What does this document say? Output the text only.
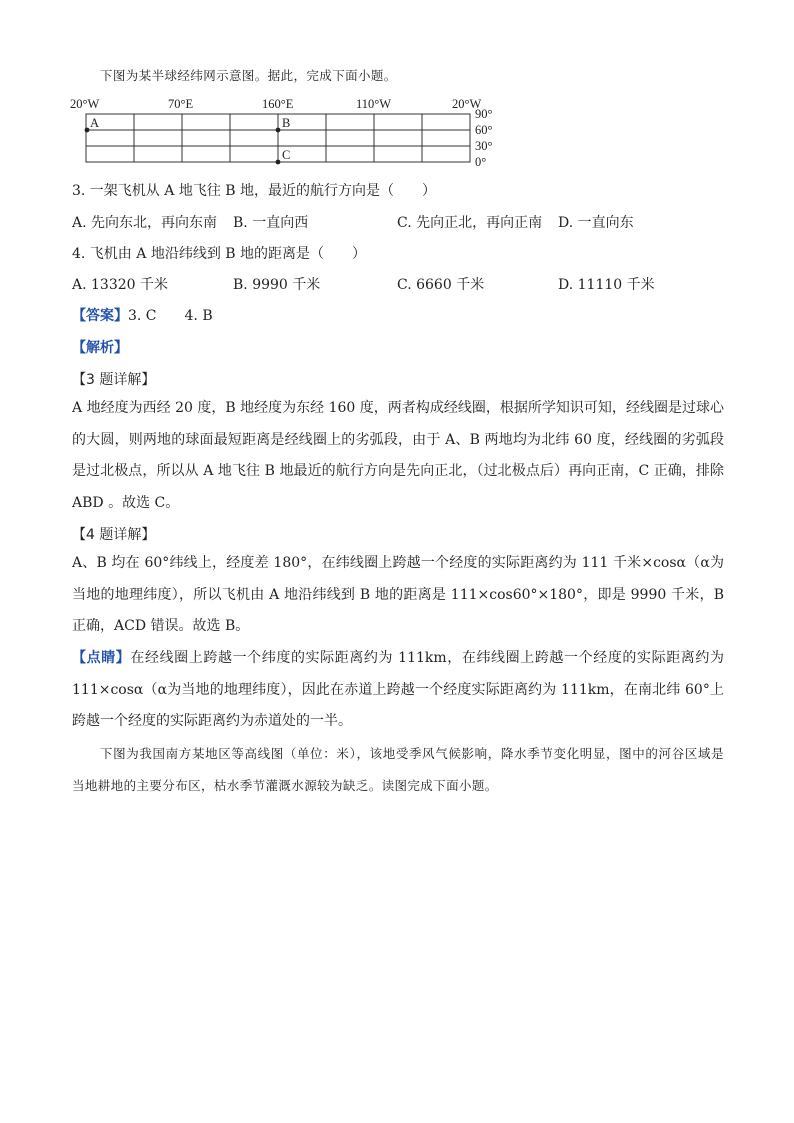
下图为某半球经纬网示意图。据此，完成下面小题。
20°W	70°E	160°E	110°W	20°W
90°
60°
30°
0°
A	B
C
3. 一架飞机从 A 地飞往 B 地，最近的航行方向是（　　）
A. 先向东北，再向东南 B. 一直向西	C. 先向正北，再向正南 D. 一直向东
4. 飞机由 A 地沿纬线到 B 地的距离是（　　）
A. 13320 千米	B. 9990 千米	C. 6660 千米	D. 11110 千米
【答案】3. C　　4. B
【解析】
【3 题详解】
A 地经度为西经 20 度，B 地经度为东经 160 度，两者构成经线圈，根据所学知识可知，经线圈是过球心的大圆，则两地的球面最短距离是经线圈上的劣弧段，由于 A、B 两地均为北纬 60 度，经线圈的劣弧段是过北极点，所以从 A 地飞往 B 地最近的航行方向是先向正北，（过北极点后）再向正南，C 正确，排除 ABD 。故选 C。
【4 题详解】
A、B 均在 60°纬线上，经度差 180°，在纬线圈上跨越一个经度的实际距离约为 111 千米×cosα（α为当地的地理纬度），所以飞机由 A 地沿纬线到 B 地的距离是 111×cos60°×180°，即是 9990 千米，B 正确，ACD 错误。故选 B。
【点睛】在经线圈上跨越一个纬度的实际距离约为 111km，在纬线圈上跨越一个经度的实际距离约为 111×cosα（α为当地的地理纬度），因此在赤道上跨越一个经度实际距离约为 111km，在南北纬 60°上跨越一个经度的实际距离约为赤道处的一半。
下图为我国南方某地区等高线图（单位：米），该地受季风气候影响，降水季节变化明显，图中的河谷区域是当地耕地的主要分布区，枯水季节灌溉水源较为缺乏。读图完成下面小题。
